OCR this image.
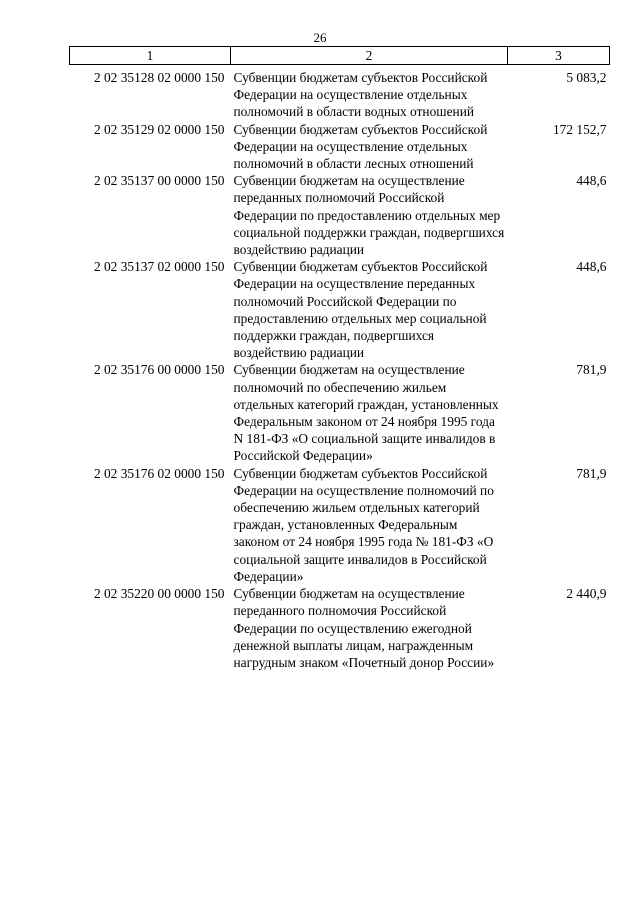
26
1	2	3
2 02 35128 02 0000 150	Субвенции бюджетам субъектов Российской Федерации на осуществление отдельных полномочий в области водных отношений	5 083,2
2 02 35129 02 0000 150	Субвенции бюджетам субъектов Российской Федерации на осуществление отдельных полномочий в области лесных отношений	172 152,7
2 02 35137 00 0000 150	Субвенции бюджетам на осуществление переданных полномочий Российской Федерации по предоставлению отдельных мер социальной поддержки граждан, подвергшихся воздействию радиации	448,6
2 02 35137 02 0000 150	Субвенции бюджетам субъектов Российской Федерации на осуществление переданных полномочий Российской Федерации по предоставлению отдельных мер социальной поддержки граждан, подвергшихся воздействию радиации	448,6
2 02 35176 00 0000 150	Субвенции бюджетам на осуществление полномочий по обеспечению жильем отдельных категорий граждан, установленных Федеральным законом от 24 ноября 1995 года N 181-ФЗ «О социальной защите инвалидов в Российской Федерации»	781,9
2 02 35176 02 0000 150	Субвенции бюджетам субъектов Российской Федерации на осуществление полномочий по обеспечению жильем отдельных категорий граждан, установленных Федеральным законом от 24 ноября 1995 года № 181-ФЗ «О социальной защите инвалидов в Российской Федерации»	781,9
2 02 35220 00 0000 150	Субвенции бюджетам на осуществление переданного полномочия Российской Федерации по осуществлению ежегодной денежной выплаты лицам, награжденным нагрудным знаком «Почетный донор России»	2 440,9
